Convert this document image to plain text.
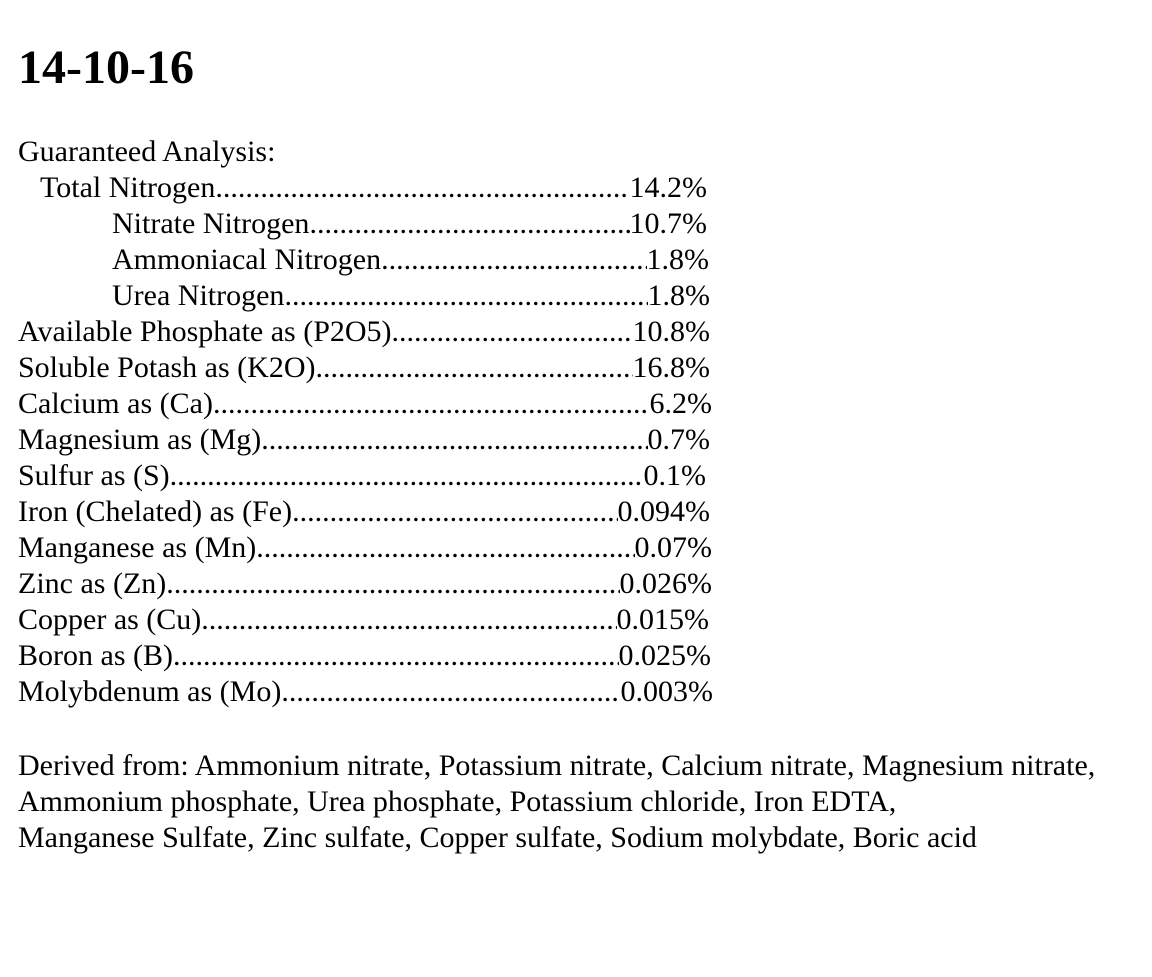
14-10-16
Guaranteed Analysis:
Total Nitrogen .....	14.2%
Nitrate Nitrogen .....	10.7%
Ammoniacal Nitrogen .....	1.8%
Urea Nitrogen .....	1.8%
Available Phosphate as (P2O5) .....	10.8%
Soluble Potash as (K2O) .....	16.8%
Calcium as (Ca) .....	6.2%
Magnesium as (Mg) .....	0.7%
Sulfur as (S) .....	0.1%
Iron (Chelated) as (Fe) .....	0.094%
Manganese as (Mn) .....	0.07%
Zinc as (Zn) .....	0.026%
Copper as (Cu) .....	0.015%
Boron as (B) .....	0.025%
Molybdenum as (Mo) .....	0.003%
Derived from: Ammonium nitrate, Potassium nitrate, Calcium nitrate, Magnesium nitrate,
Ammonium phosphate, Urea phosphate, Potassium chloride, Iron EDTA,
Manganese Sulfate, Zinc sulfate, Copper sulfate, Sodium molybdate, Boric acid
